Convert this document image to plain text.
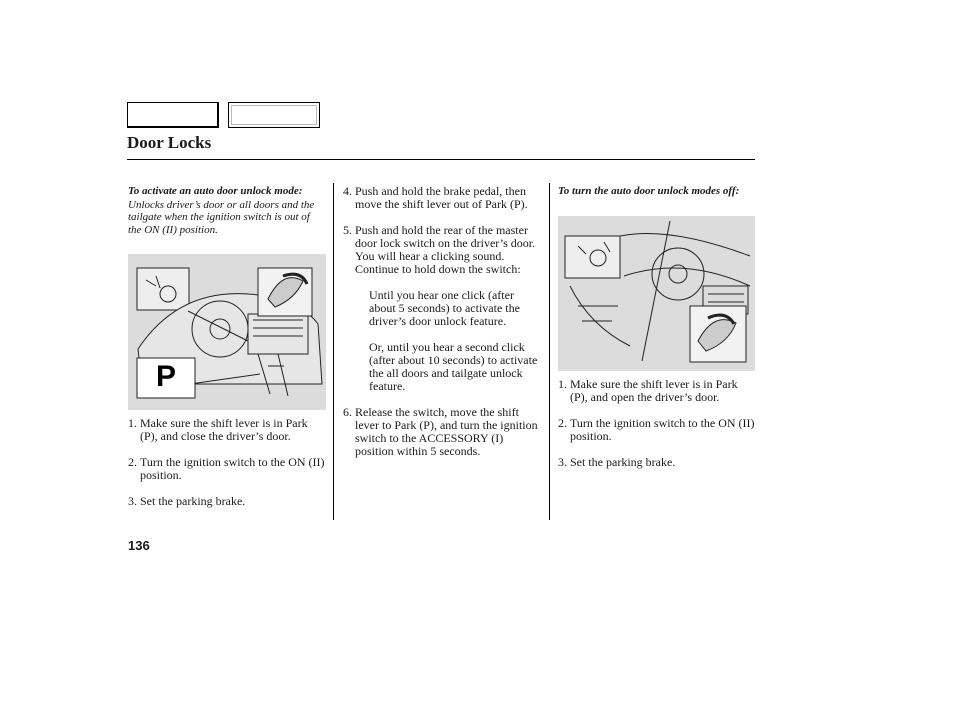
Door Locks
To activate an auto door unlock mode:
Unlocks driver’s door or all doors and the tailgate when the ignition switch is out of the ON (II) position.
P
1. Make sure the shift lever is in Park (P), and close the driver’s door.
2. Turn the ignition switch to the ON (II) position.
3. Set the parking brake.
4. Push and hold the brake pedal, then move the shift lever out of Park (P).
5. Push and hold the rear of the master door lock switch on the driver’s door. You will hear a clicking sound. Continue to hold down the switch:
Until you hear one click (after about 5 seconds) to activate the driver’s door unlock feature.
Or, until you hear a second click (after about 10 seconds) to activate the all doors and tailgate unlock feature.
6. Release the switch, move the shift lever to Park (P), and turn the ignition switch to the ACCESSORY (I) position within 5 seconds.
To turn the auto door unlock modes off:
1. Make sure the shift lever is in Park (P), and open the driver’s door.
2. Turn the ignition switch to the ON (II) position.
3. Set the parking brake.
136
